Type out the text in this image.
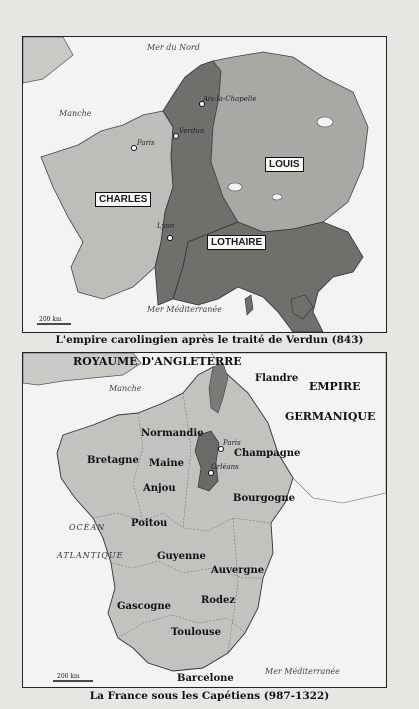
Mer du Nord
Manche
Mer Méditerranée
Aix-la-Chapelle
Paris
Verdun
Lyon
CHARLES
LOUIS
LOTHAIRE
200 km
L'empire carolingien après le traité de Verdun (843)
ROYAUME D'ANGLETERRE
EMPIRE
GERMANIQUE
Manche
OCÉAN
ATLANTIQUE
Mer Méditerranée
Flandre
Normandie
Champagne
Bretagne Maine
Anjou
Bourgogne
Poitou
Guyenne
Auvergne
Gascogne
Rodez
Toulouse
Barcelone
Paris
Orléans
200 km
La France sous les Capétiens (987-1322)
